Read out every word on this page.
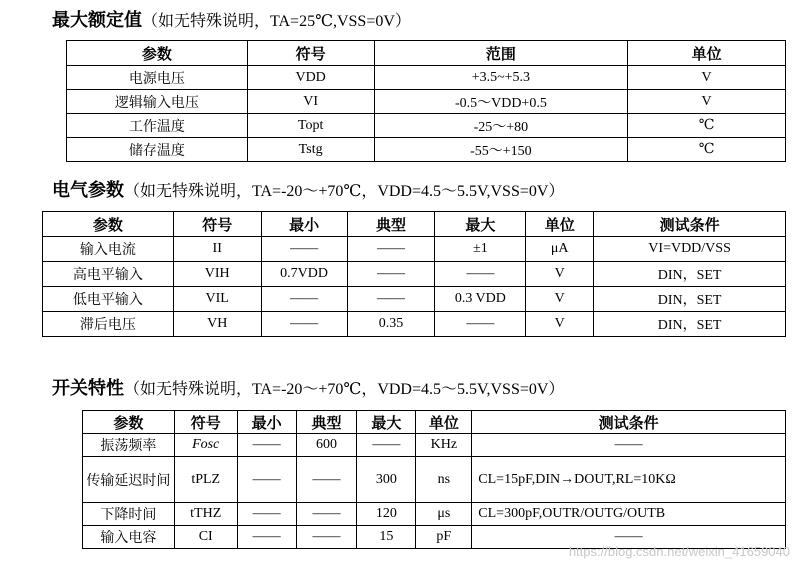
最大额定值（如无特殊说明，TA=25℃,VSS=0V）
参数	符号	范围	单位
电源电压	VDD	+3.5~+5.3	V
逻辑输入电压	VI	-0.5～VDD+0.5	V
工作温度	Topt	-25～+80	℃
储存温度	Tstg	-55～+150	℃
电气参数（如无特殊说明，TA=-20～+70℃，VDD=4.5～5.5V,VSS=0V）
参数	符号	最小	典型	最大	单位	测试条件
输入电流	II	——	——	±1	μA	VI=VDD/VSS
高电平输入	VIH	0.7VDD	——	——	V	DIN，SET
低电平输入	VIL	——	——	0.3 VDD	V	DIN，SET
滞后电压	VH	——	0.35	——	V	DIN，SET
开关特性（如无特殊说明，TA=-20～+70℃，VDD=4.5～5.5V,VSS=0V）
参数	符号	最小	典型	最大	单位	测试条件
振荡频率	Fosc	——	600	——	KHz	——
传输延迟时间	tPLZ	——	——	300	ns	CL=15pF,DIN→DOUT,RL=10KΩ
下降时间	tTHZ	——	——	120	μs	CL=300pF,OUTR/OUTG/OUTB
输入电容	CI	——	——	15	pF	——
https://blog.csdn.net/weixin_41659040
